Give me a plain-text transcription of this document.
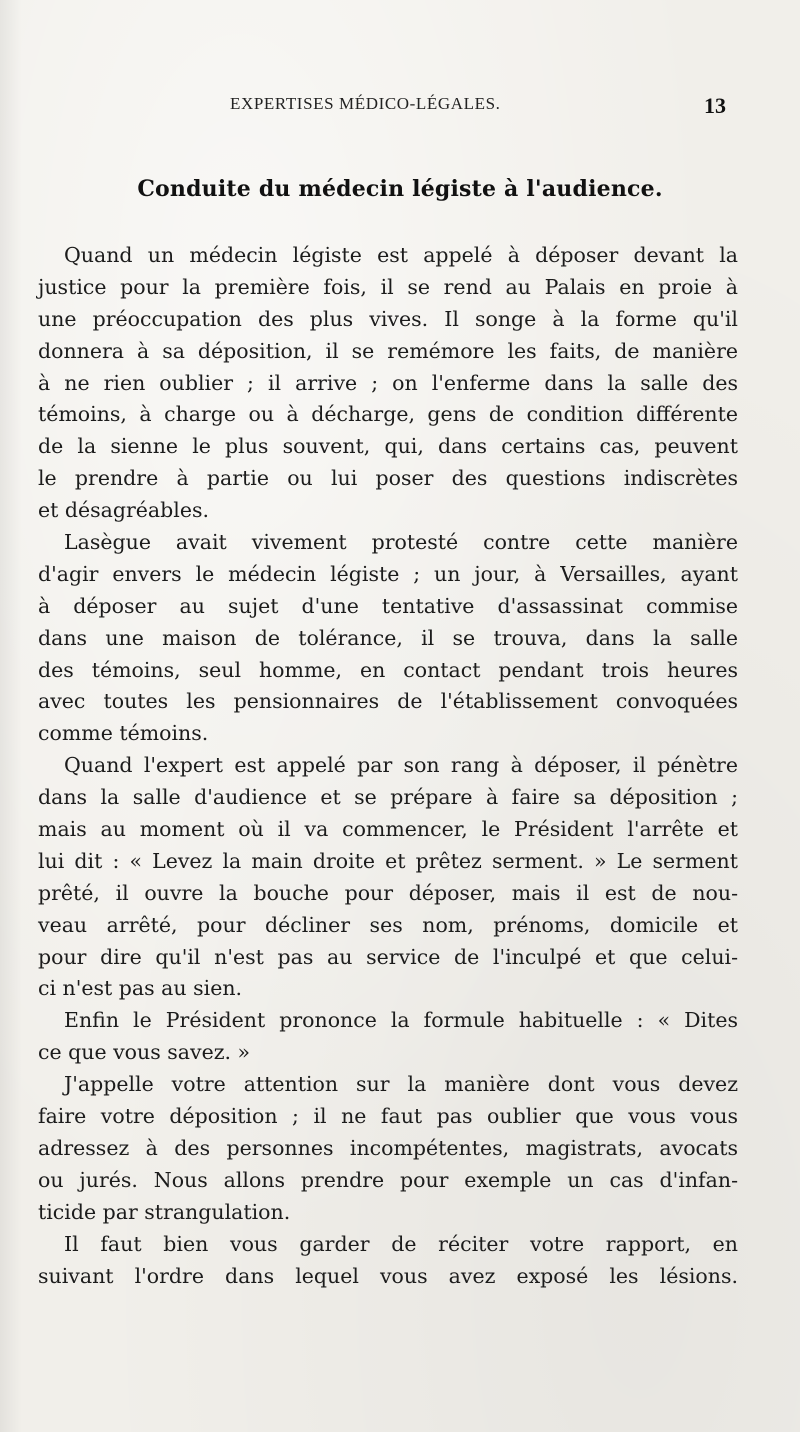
EXPERTISES MÉDICO-LÉGALES.	13
Conduite du médecin légiste à l'audience.
Quand un médecin légiste est appelé à déposer devant la
justice pour la première fois, il se rend au Palais en proie à
une préoccupation des plus vives. Il songe à la forme qu'il
donnera à sa déposition, il se remémore les faits, de manière
à ne rien oublier ; il arrive ; on l'enferme dans la salle des
témoins, à charge ou à décharge, gens de condition différente
de la sienne le plus souvent, qui, dans certains cas, peuvent
le prendre à partie ou lui poser des questions indiscrètes
et désagréables.
Lasègue avait vivement protesté contre cette manière
d'agir envers le médecin légiste ; un jour, à Versailles, ayant
à déposer au sujet d'une tentative d'assassinat commise
dans une maison de tolérance, il se trouva, dans la salle
des témoins, seul homme, en contact pendant trois heures
avec toutes les pensionnaires de l'établissement convoquées
comme témoins.
Quand l'expert est appelé par son rang à déposer, il pénètre
dans la salle d'audience et se prépare à faire sa déposition ;
mais au moment où il va commencer, le Président l'arrête et
lui dit : « Levez la main droite et prêtez serment. » Le serment
prêté, il ouvre la bouche pour déposer, mais il est de nou-
veau arrêté, pour décliner ses nom, prénoms, domicile et
pour dire qu'il n'est pas au service de l'inculpé et que celui-
ci n'est pas au sien.
Enfin le Président prononce la formule habituelle : « Dites
ce que vous savez. »
J'appelle votre attention sur la manière dont vous devez
faire votre déposition ; il ne faut pas oublier que vous vous
adressez à des personnes incompétentes, magistrats, avocats
ou jurés. Nous allons prendre pour exemple un cas d'infan-
ticide par strangulation.
Il faut bien vous garder de réciter votre rapport, en
suivant l'ordre dans lequel vous avez exposé les lésions.
